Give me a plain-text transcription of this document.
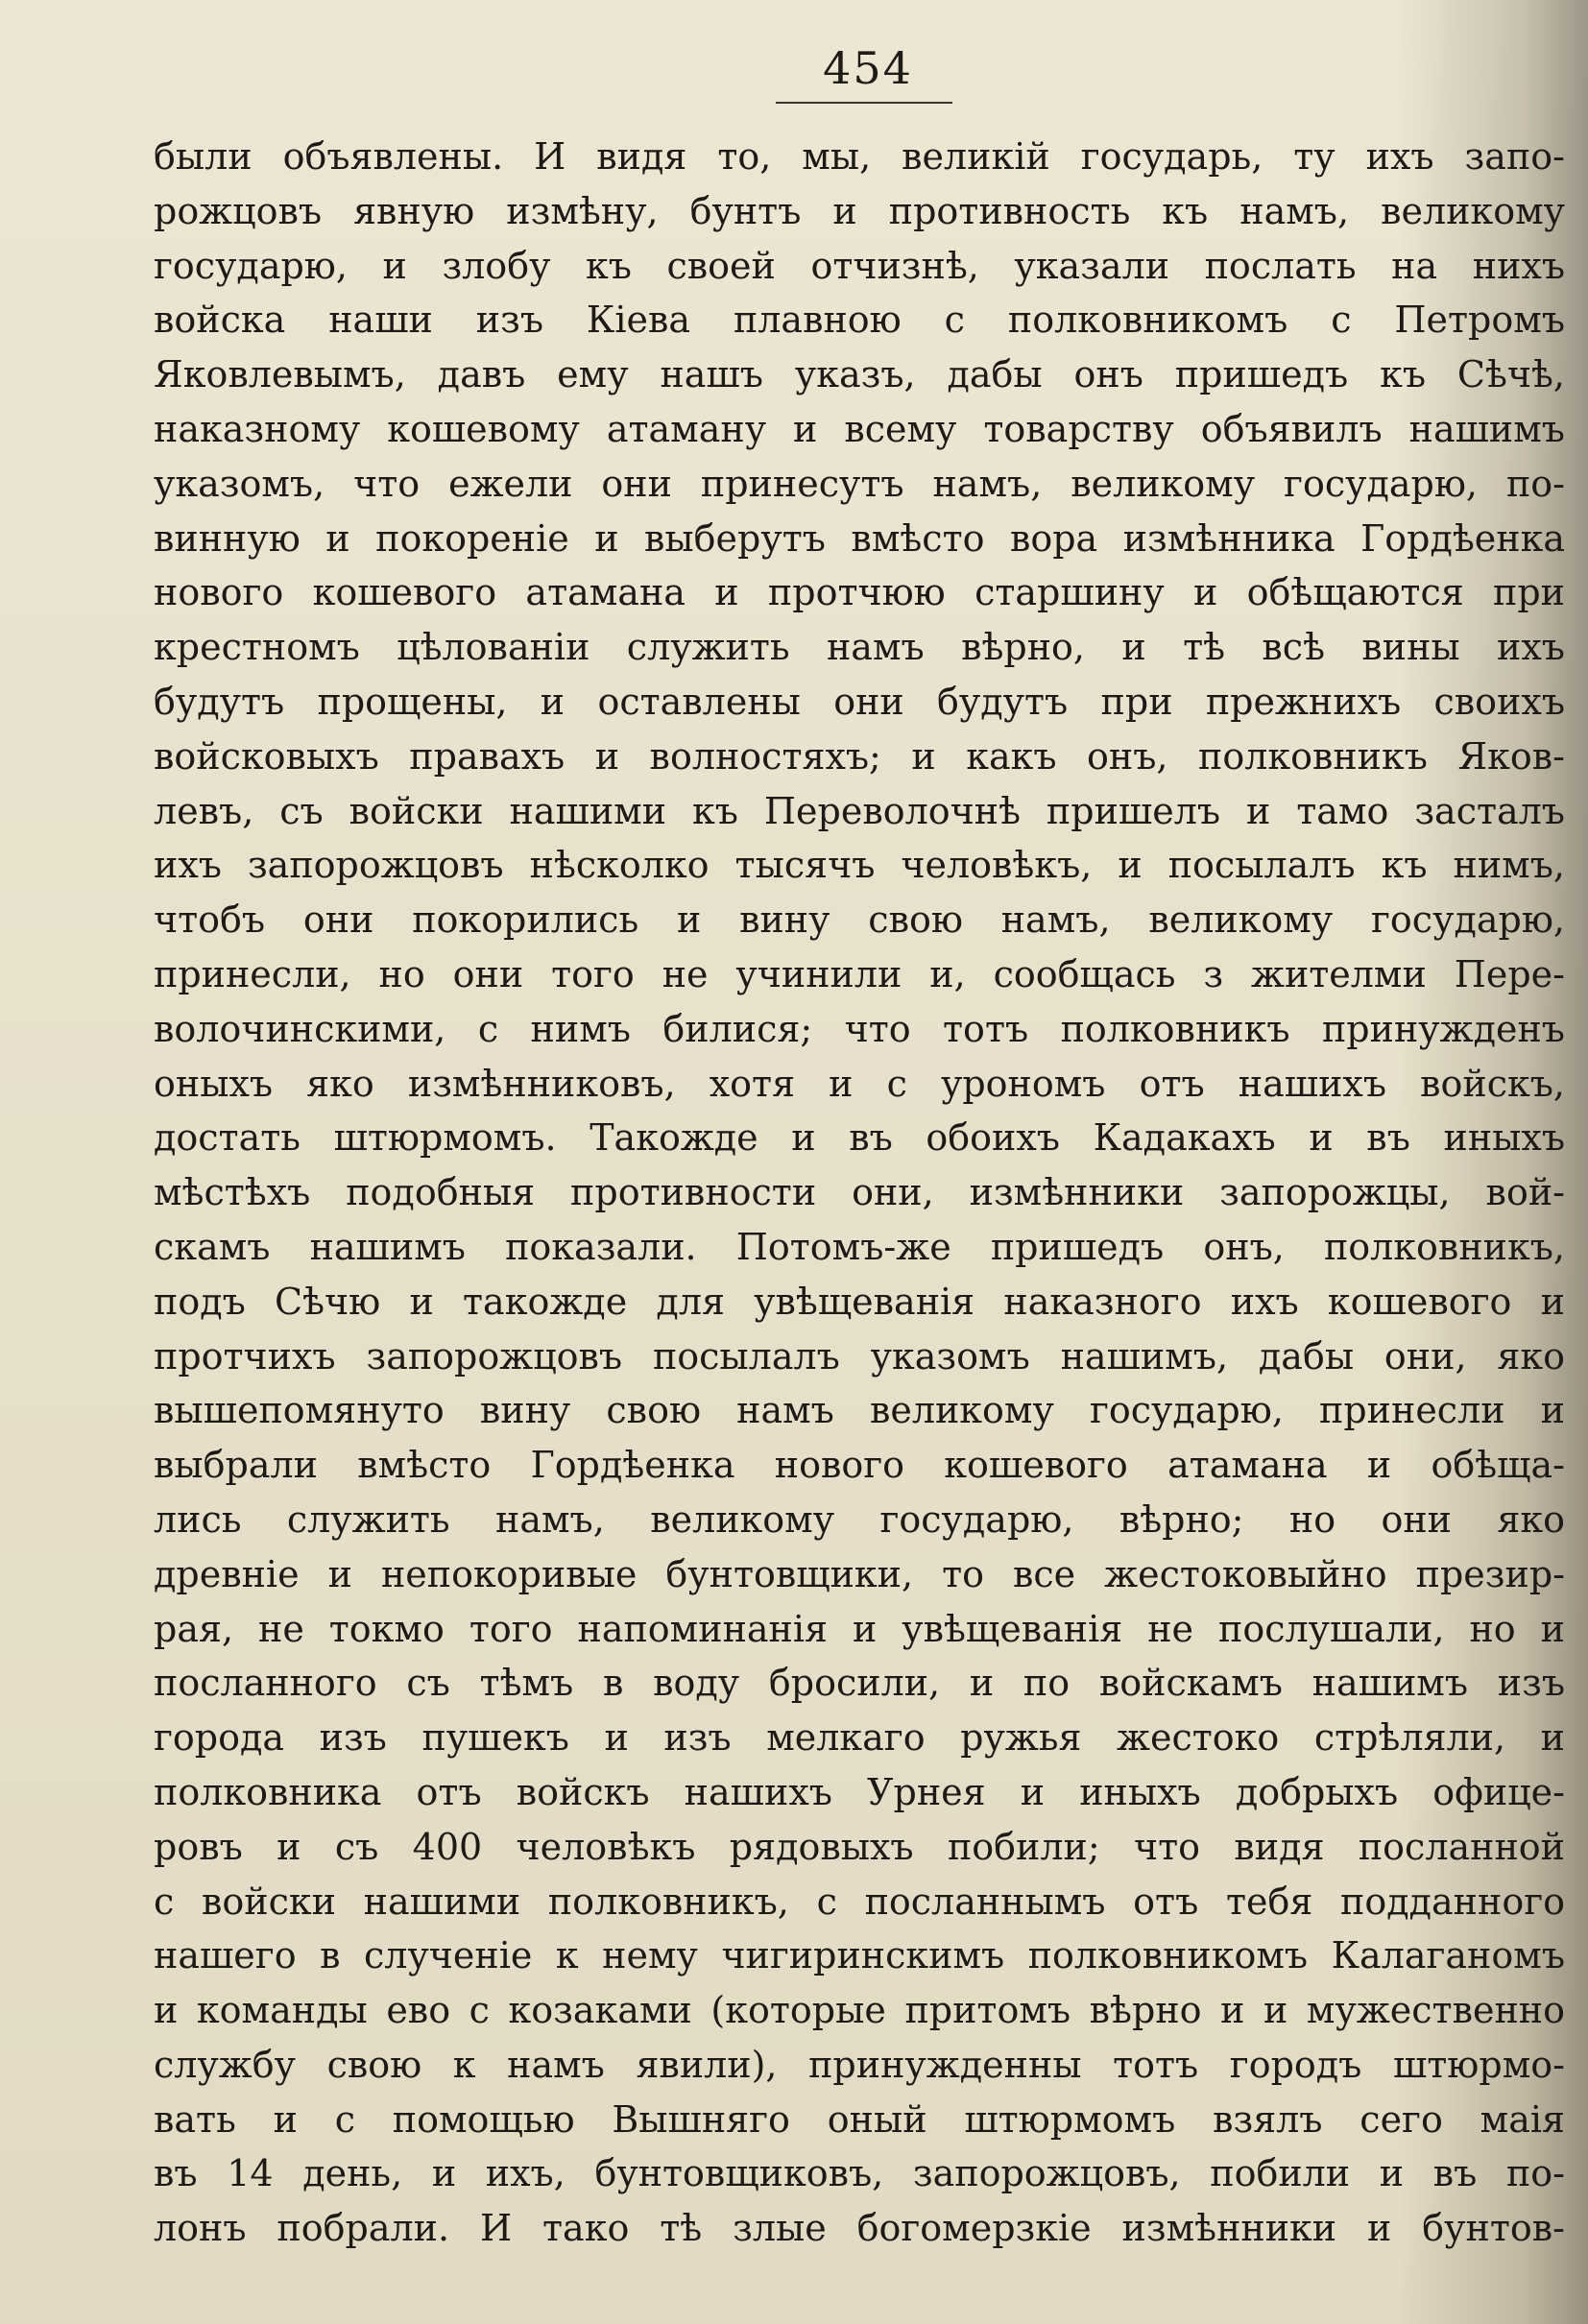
454
были объявлены. И видя то, мы, великій государь, ту ихъ запо-
рожцовъ явную измѣну, бунтъ и противность къ намъ, великому
государю, и злобу къ своей отчизнѣ, указали послать на нихъ
войска наши изъ Кіева плавною с полковникомъ с Петромъ
Яковлевымъ, давъ ему нашъ указъ, дабы онъ пришедъ къ Сѣчѣ,
наказному кошевому атаману и всему товарству объявилъ нашимъ
указомъ, что ежели они принесутъ намъ, великому государю, по-
винную и покореніе и выберутъ вмѣсто вора измѣнника Гордѣенка
нового кошевого атамана и протчюю старшину и обѣщаются при
крестномъ цѣлованіи служить намъ вѣрно, и тѣ всѣ вины ихъ
будутъ прощены, и оставлены они будутъ при прежнихъ своихъ
войсковыхъ правахъ и волностяхъ; и какъ онъ, полковникъ Яков-
левъ, съ войски нашими къ Переволочнѣ пришелъ и тамо засталъ
ихъ запорожцовъ нѣсколко тысячъ человѣкъ, и посылалъ къ нимъ,
чтобъ они покорились и вину свою намъ, великому государю,
принесли, но они того не учинили и, сообщась з жителми Пере-
волочинскими, с нимъ билися; что тотъ полковникъ принужденъ
оныхъ яко измѣнниковъ, хотя и с урономъ отъ нашихъ войскъ,
достать штюрмомъ. Такожде и въ обоихъ Кадакахъ и въ иныхъ
мѣстѣхъ подобныя противности они, измѣнники запорожцы, вой-
скамъ нашимъ показали. Потомъ-же пришедъ онъ, полковникъ,
подъ Сѣчю и такожде для увѣщеванія наказного ихъ кошевого и
протчихъ запорожцовъ посылалъ указомъ нашимъ, дабы они, яко
вышепомянуто вину свою намъ великому государю, принесли и
выбрали вмѣсто Гордѣенка нового кошевого атамана и обѣща-
лись служить намъ, великому государю, вѣрно; но они яко
древніе и непокоривые бунтовщики, то все жестоковыйно презир-
рая, не токмо того напоминанія и увѣщеванія не послушали, но и
посланного съ тѣмъ в воду бросили, и по войскамъ нашимъ изъ
города изъ пушекъ и изъ мелкаго ружья жестоко стрѣляли, и
полковника отъ войскъ нашихъ Урнея и иныхъ добрыхъ офице-
ровъ и съ 400 человѣкъ рядовыхъ побили; что видя посланной
с войски нашими полковникъ, с посланнымъ отъ тебя подданного
нашего в слученіе к нему чигиринскимъ полковникомъ Калаганомъ
и команды ево с козаками (которые притомъ вѣрно и и мужественно
службу свою к намъ явили), принужденны тотъ городъ штюрмо-
вать и с помощью Вышняго оный штюрмомъ взялъ сего маія
въ 14 день, и ихъ, бунтовщиковъ, запорожцовъ, побили и въ по-
лонъ побрали. И тако тѣ злые богомерзкіе измѣнники и бунтов-
